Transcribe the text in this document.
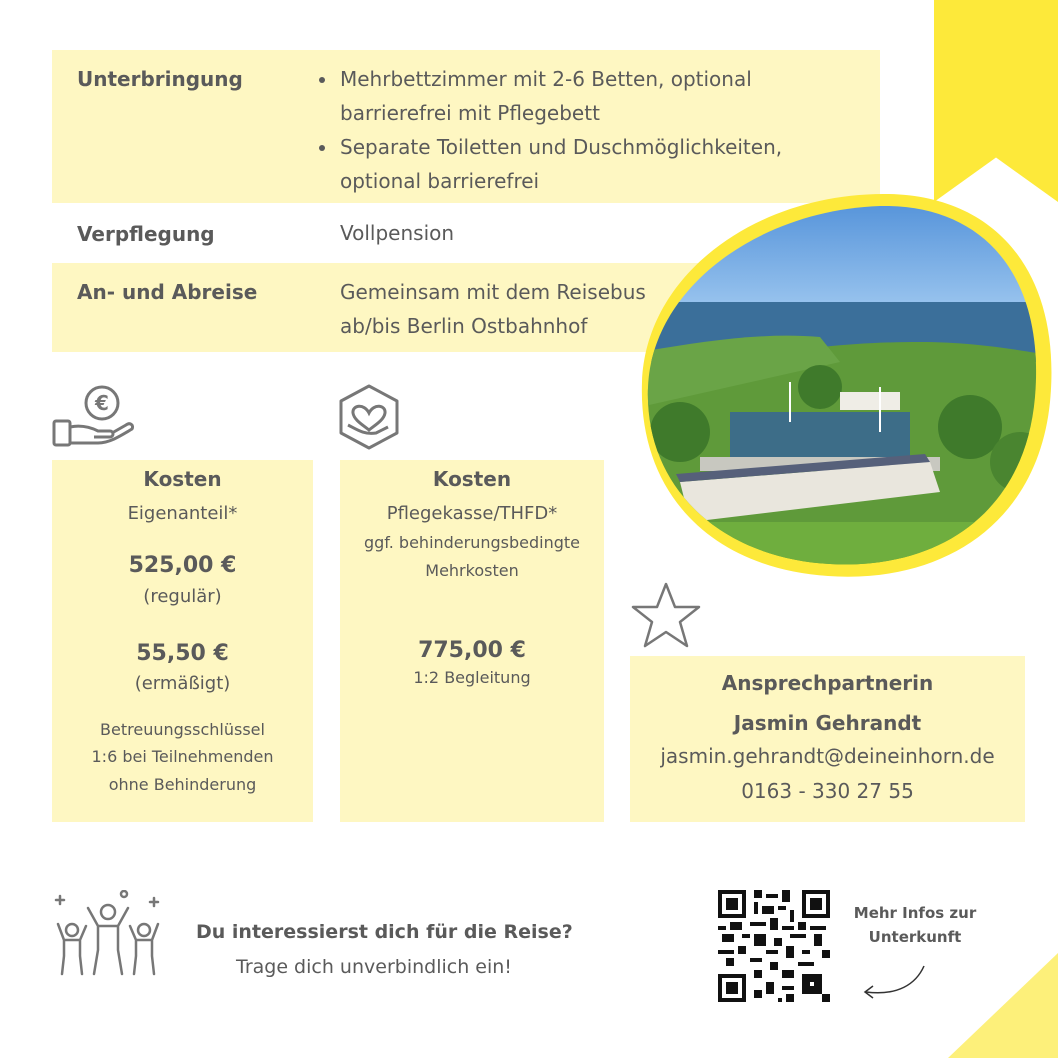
Unterbringung
•	Mehrbettzimmer mit 2-6 Betten, optional barrierefrei mit Pflegebett
• Separate Toiletten und Duschmöglichkeiten, optional barrierefrei
Verpflegung	Vollpension
An- und Abreise	Gemeinsam mit dem Reisebus
ab/bis Berlin Ostbahnhof
€
Kosten
Eigenanteil*
525,00 €
(regulär)
55,50 €
(ermäßigt)
Betreuungsschlüssel
1:6 bei Teilnehmenden
ohne Behinderung
Kosten
Pflegekasse/THFD*
ggf. behinderungsbedingte
Mehrkosten
775,00 €
1:2 Begleitung	Ansprechpartnerin
Jasmin Gehrandt
jasmin.gehrandt@deineinhorn.de
0163 - 330 27 55
Du interessierst dich für die Reise?
Trage dich unverbindlich ein!
Mehr Infos zur
Unterkunft
